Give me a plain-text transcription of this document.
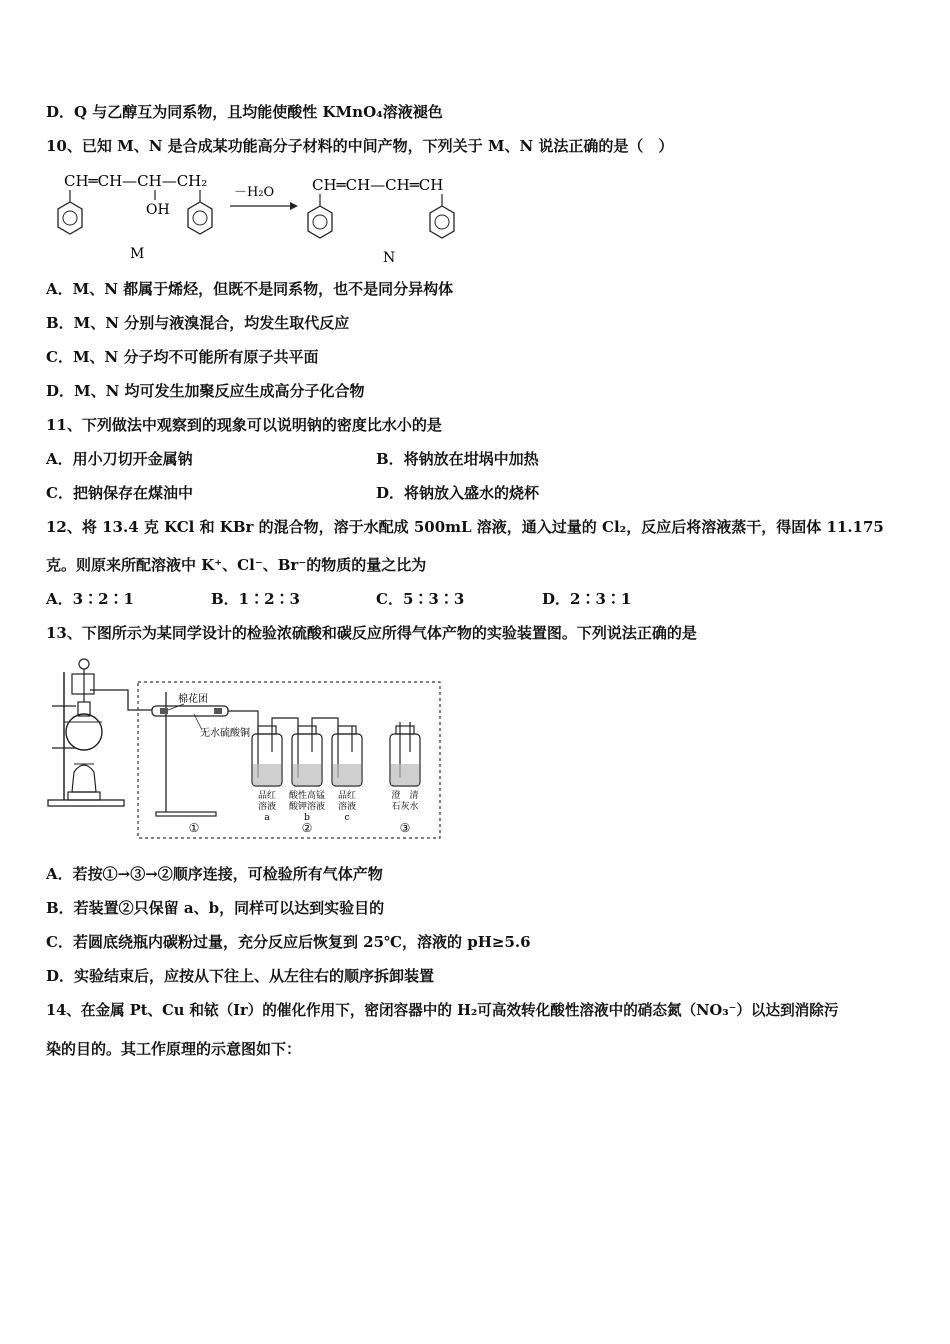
D．Q 与乙醇互为同系物，且均能使酸性 KMnO₄溶液褪色
10、已知 M、N 是合成某功能高分子材料的中间产物，下列关于 M、N 说法正确的是（　）
CH═CH—CH—CH₂
OH
M
－H₂O	CH═CH—CH═CH
N
A．M、N 都属于烯烃，但既不是同系物，也不是同分异构体
B．M、N 分别与液溴混合，均发生取代反应
C．M、N 分子均不可能所有原子共平面
D．M、N 均可发生加聚反应生成高分子化合物
11、下列做法中观察到的现象可以说明钠的密度比水小的是
A．用小刀切开金属钠	B．将钠放在坩埚中加热
C．把钠保存在煤油中	D．将钠放入盛水的烧杯
12、将 13.4 克 KCl 和 KBr 的混合物，溶于水配成 500mL 溶液，通入过量的 Cl₂，反应后将溶液蒸干，得固体 11.175
克。则原来所配溶液中 K⁺、Cl⁻、Br⁻的物质的量之比为
A．3∶2∶1	B．1∶2∶3	C．5∶3∶3	D．2∶3∶1
13、下图所示为某同学设计的检验浓硫酸和碳反应所得气体产物的实验装置图。下列说法正确的是
棉花团
无水硫酸铜
品红
溶液
a
酸性高锰
酸钾溶液
b
品红
溶液
c
澄　清
石灰水
①	②	③
A．若按①→③→②顺序连接，可检验所有气体产物
B．若装置②只保留 a、b，同样可以达到实验目的
C．若圆底绕瓶内碳粉过量，充分反应后恢复到 25℃，溶液的 pH≥5.6
D．实验结束后，应按从下往上、从左往右的顺序拆卸装置
14、在金属 Pt、Cu 和铱（Ir）的催化作用下，密闭容器中的 H₂可高效转化酸性溶液中的硝态氮（NO₃⁻）以达到消除污
染的目的。其工作原理的示意图如下：
